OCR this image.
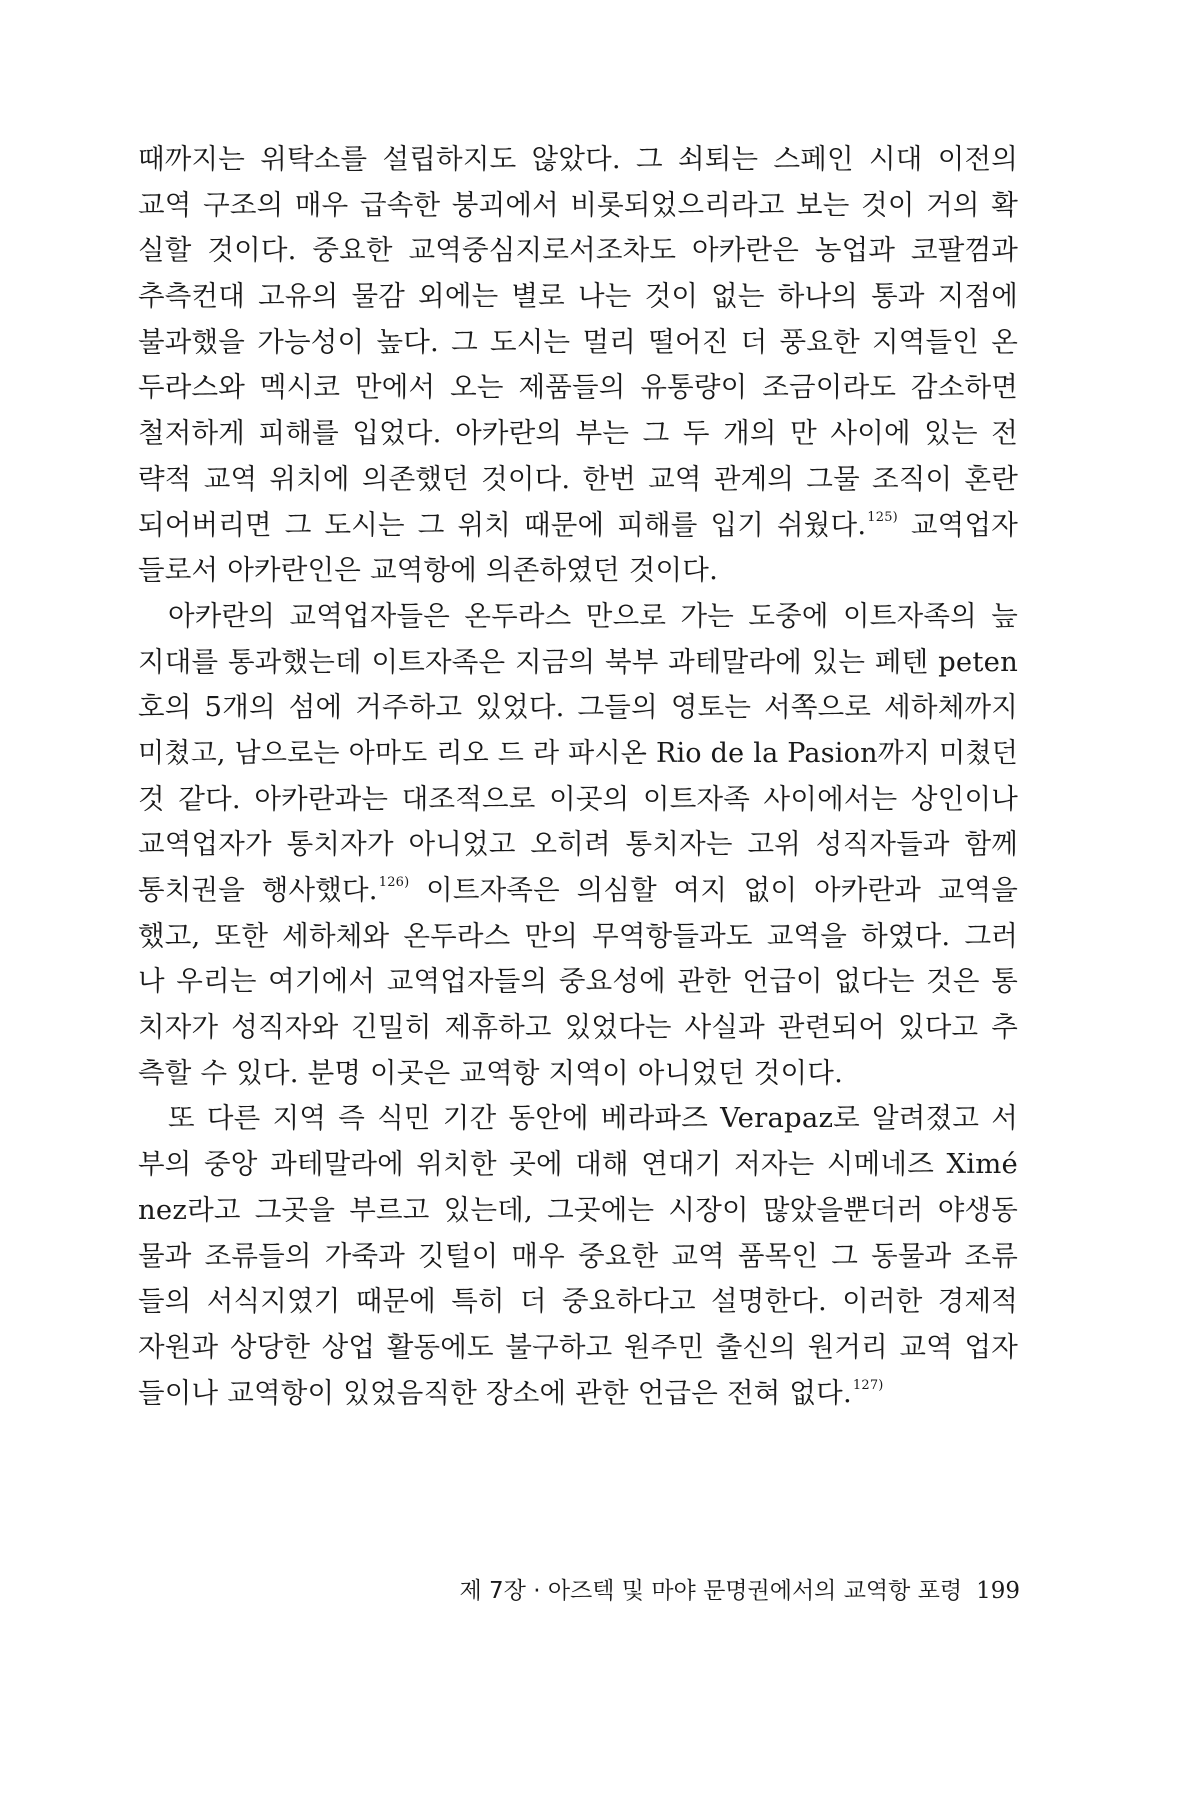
때까지는 위탁소를 설립하지도 않았다. 그 쇠퇴는 스페인 시대 이전의
교역 구조의 매우 급속한 붕괴에서 비롯되었으리라고 보는 것이 거의 확
실할 것이다. 중요한 교역중심지로서조차도 아카란은 농업과 코팔껌과
추측컨대 고유의 물감 외에는 별로 나는 것이 없는 하나의 통과 지점에
불과했을 가능성이 높다. 그 도시는 멀리 떨어진 더 풍요한 지역들인 온
두라스와 멕시코 만에서 오는 제품들의 유통량이 조금이라도 감소하면
철저하게 피해를 입었다. 아카란의 부는 그 두 개의 만 사이에 있는 전
략적 교역 위치에 의존했던 것이다. 한번 교역 관계의 그물 조직이 혼란
되어버리면 그 도시는 그 위치 때문에 피해를 입기 쉬웠다.$^{125)}$ 교역업자
들로서 아카란인은 교역항에 의존하였던 것이다.
아카란의 교역업자들은 온두라스 만으로 가는 도중에 이트자족의 늪
지대를 통과했는데 이트자족은 지금의 북부 과테말라에 있는 페텐 peten
호의 5개의 섬에 거주하고 있었다. 그들의 영토는 서쪽으로 세하체까지
미쳤고, 남으로는 아마도 리오 드 라 파시온 Rio de la Pasion까지 미쳤던
것 같다. 아카란과는 대조적으로 이곳의 이트자족 사이에서는 상인이나
교역업자가 통치자가 아니었고 오히려 통치자는 고위 성직자들과 함께
통치권을 행사했다.$^{126)}$ 이트자족은 의심할 여지 없이 아카란과 교역을
했고, 또한 세하체와 온두라스 만의 무역항들과도 교역을 하였다. 그러
나 우리는 여기에서 교역업자들의 중요성에 관한 언급이 없다는 것은 통
치자가 성직자와 긴밀히 제휴하고 있었다는 사실과 관련되어 있다고 추
측할 수 있다. 분명 이곳은 교역항 지역이 아니었던 것이다.
또 다른 지역 즉 식민 기간 동안에 베라파즈 Verapaz로 알려졌고 서
부의 중앙 과테말라에 위치한 곳에 대해 연대기 저자는 시메네즈 Ximé
nez라고 그곳을 부르고 있는데, 그곳에는 시장이 많았을뿐더러 야생동
물과 조류들의 가죽과 깃털이 매우 중요한 교역 품목인 그 동물과 조류
들의 서식지였기 때문에 특히 더 중요하다고 설명한다. 이러한 경제적
자원과 상당한 상업 활동에도 불구하고 원주민 출신의 원거리 교역 업자
들이나 교역항이 있었음직한 장소에 관한 언급은 전혀 없다.$^{127)}$
제 7장 · 아즈텍 및 마야 문명권에서의 교역항 포령 199
